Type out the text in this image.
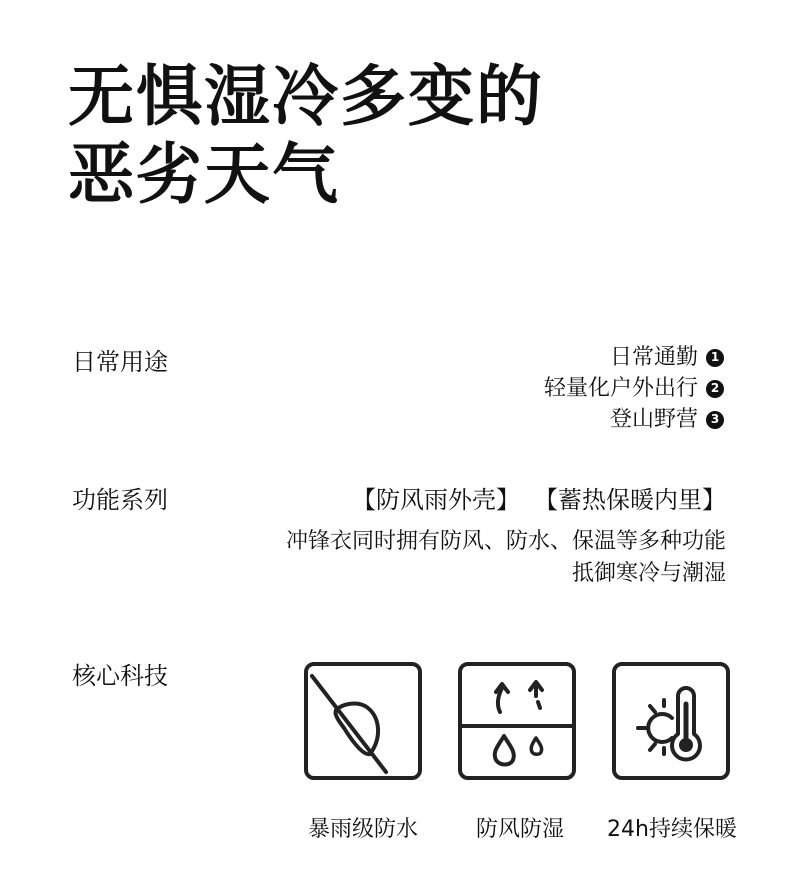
无惧湿冷多变的
恶劣天气
日常用途	日常通勤	1
轻量化户外出行	2
登山野营	3
功能系列	【防风雨外壳】 【蓄热保暖内里】
冲锋衣同时拥有防风、防水、保温等多种功能
抵御寒冷与潮湿
核心科技
暴雨级防水	防风防湿	24h持续保暖
